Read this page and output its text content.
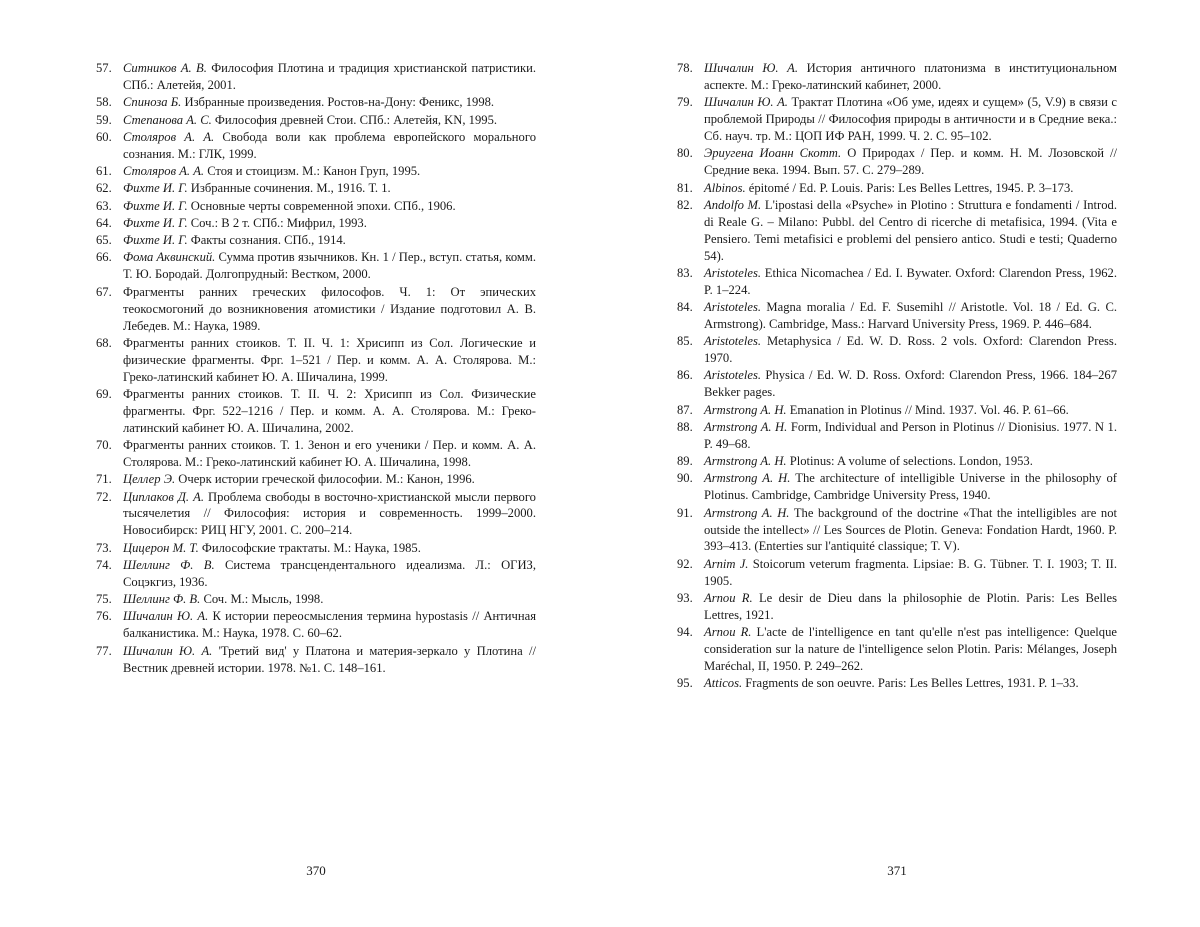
57. Ситников А. В. Философия Плотина и традиция христианской патристики. СПб.: Алетейя, 2001.
58. Спиноза Б. Избранные произведения. Ростов-на-Дону: Феникс, 1998.
59. Степанова А. С. Философия древней Стои. СПб.: Алетейя, KN, 1995.
60. Столяров А. А. Свобода воли как проблема европейского морального сознания. М.: ГЛК, 1999.
61. Столяров А. А. Стоя и стоицизм. М.: Канон Груп, 1995.
62. Фихте И. Г. Избранные сочинения. М., 1916. Т. 1.
63. Фихте И. Г. Основные черты современной эпохи. СПб., 1906.
64. Фихте И. Г. Соч.: В 2 т. СПб.: Мифрил, 1993.
65. Фихте И. Г. Факты сознания. СПб., 1914.
66. Фома Аквинский. Сумма против язычников. Кн. 1 / Пер., вступ. статья, комм. Т. Ю. Бородай. Долгопрудный: Вестком, 2000.
67. Фрагменты ранних греческих философов. Ч. 1: От эпических теокосмогоний до возникновения атомистики / Издание подготовил А. В. Лебедев. М.: Наука, 1989.
68. Фрагменты ранних стоиков. Т. II. Ч. 1: Хрисипп из Сол. Логические и физические фрагменты. Фрг. 1–521 / Пер. и комм. А. А. Столярова. М.: Греко-латинский кабинет Ю. А. Шичалина, 1999.
69. Фрагменты ранних стоиков. Т. II. Ч. 2: Хрисипп из Сол. Физические фрагменты. Фрг. 522–1216 / Пер. и комм. А. А. Столярова. М.: Греко-латинский кабинет Ю. А. Шичалина, 2002.
70. Фрагменты ранних стоиков. Т. 1. Зенон и его ученики / Пер. и комм. А. А. Столярова. М.: Греко-латинский кабинет Ю. А. Шичалина, 1998.
71. Целлер Э. Очерк истории греческой философии. М.: Канон, 1996.
72. Циплаков Д. А. Проблема свободы в восточно-христианской мысли первого тысячелетия // Философия: история и современность. 1999–2000. Новосибирск: РИЦ НГУ, 2001. С. 200–214.
73. Цицерон М. Т. Философские трактаты. М.: Наука, 1985.
74. Шеллинг Ф. В. Система трансцендентального идеализма. Л.: ОГИЗ, Соцэкгиз, 1936.
75. Шеллинг Ф. В. Соч. М.: Мысль, 1998.
76. Шичалин Ю. А. К истории переосмысления термина hypostasis // Античная балканистика. М.: Наука, 1978. С. 60–62.
77. Шичалин Ю. А. 'Третий вид' у Платона и материя-зеркало у Плотина // Вестник древней истории. 1978. №1. С. 148–161.
370
78. Шичалин Ю. А. История античного платонизма в институциональном аспекте. М.: Греко-латинский кабинет, 2000.
79. Шичалин Ю. А. Трактат Плотина «Об уме, идеях и сущем» (5, V.9) в связи с проблемой Природы // Философия природы в античности и в Средние века.: Сб. науч. тр. М.: ЦОП ИФ РАН, 1999. Ч. 2. С. 95–102.
80. Эриугена Иоанн Скотт. О Природах / Пер. и комм. Н. М. Лозовской // Средние века. 1994. Вып. 57. С. 279–289.
81. Albinos. épitomé / Ed. P. Louis. Paris: Les Belles Lettres, 1945. P. 3–173.
82. Andolfo M. L'ipostasi della «Psyche» in Plotino : Struttura e fondamenti / Introd. di Reale G. – Milano: Pubbl. del Centro di ricerche di metafisica, 1994. (Vita e Pensiero. Temi metafisici e problemi del pensiero antico. Studi e testi; Quaderno 54).
83. Aristoteles. Ethica Nicomachea / Ed. I. Bywater. Oxford: Clarendon Press, 1962. P. 1–224.
84. Aristoteles. Magna moralia / Ed. F. Susemihl // Aristotle. Vol. 18 / Ed. G. C. Armstrong). Cambridge, Mass.: Harvard University Press, 1969. P. 446–684.
85. Aristoteles. Metaphysica / Ed. W. D. Ross. 2 vols. Oxford: Clarendon Press. 1970.
86. Aristoteles. Physica / Ed. W. D. Ross. Oxford: Clarendon Press, 1966. 184–267 Bekker pages.
87. Armstrong A. H. Emanation in Plotinus // Mind. 1937. Vol. 46. P. 61–66.
88. Armstrong A. H. Form, Individual and Person in Plotinus // Dionisius. 1977. N 1. P. 49–68.
89. Armstrong A. H. Plotinus: A volume of selections. London, 1953.
90. Armstrong A. H. The architecture of intelligible Universe in the philosophy of Plotinus. Cambridge, Cambridge University Press, 1940.
91. Armstrong A. H. The background of the doctrine «That the intelligibles are not outside the intellect» // Les Sources de Plotin. Geneva: Fondation Hardt, 1960. P. 393–413. (Enterties sur l'antiquité classique; T. V).
92. Arnim J. Stoicorum veterum fragmenta. Lipsiae: B. G. Tübner. T. I. 1903; T. II. 1905.
93. Arnou R. Le desir de Dieu dans la philosophie de Plotin. Paris: Les Belles Lettres, 1921.
94. Arnou R. L'acte de l'intelligence en tant qu'elle n'est pas intelligence: Quelque consideration sur la nature de l'intelligence selon Plotin. Paris: Mélanges, Joseph Maréchal, II, 1950. P. 249–262.
95. Atticos. Fragments de son oeuvre. Paris: Les Belles Lettres, 1931. P. 1–33.
371
